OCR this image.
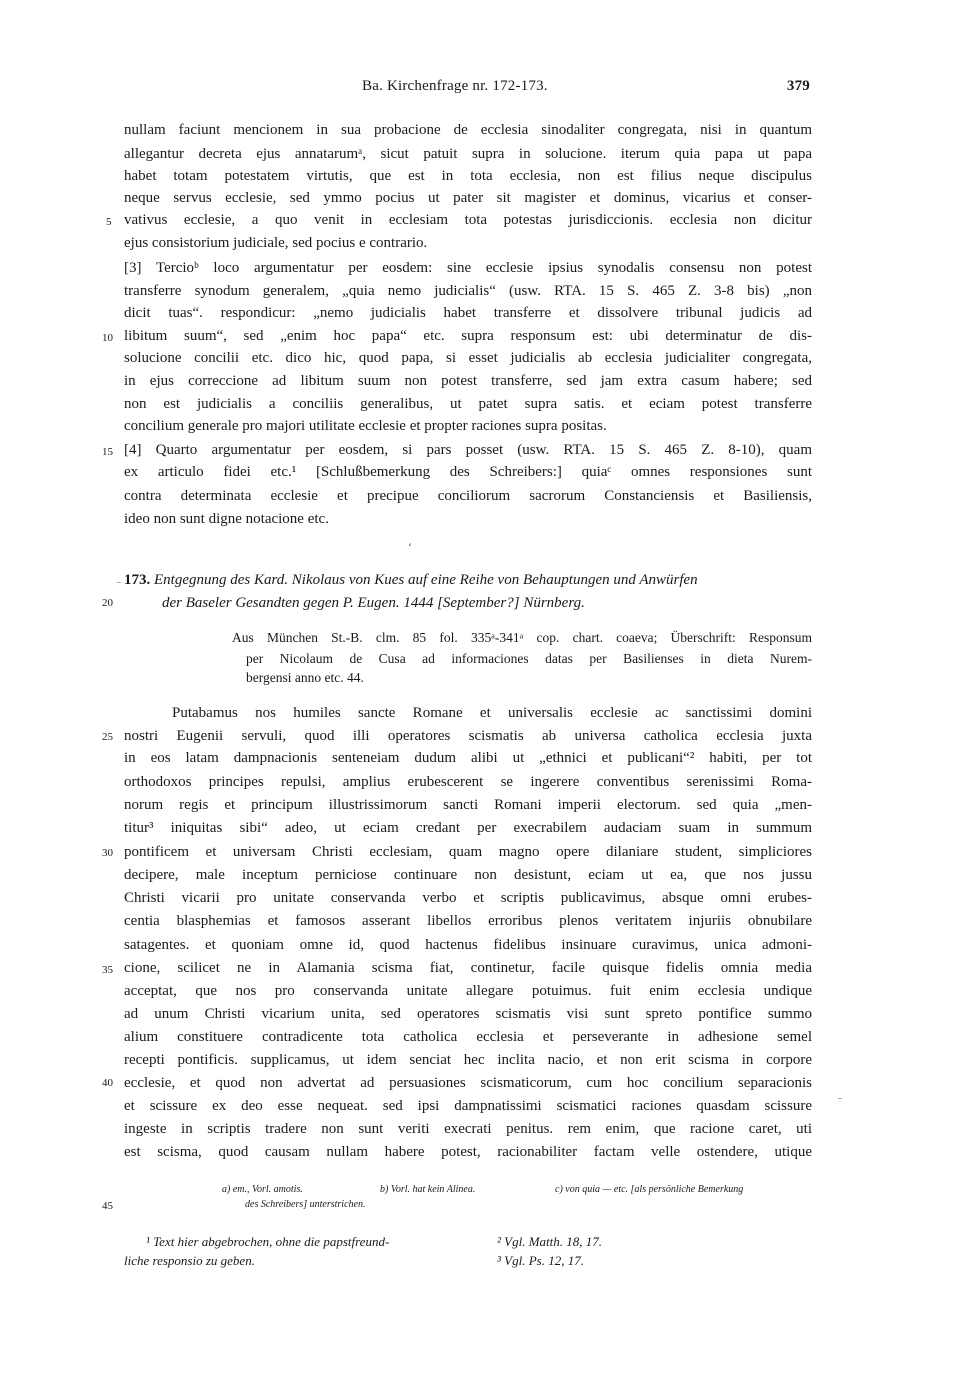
Ba. Kirchenfrage nr. 172-173.	379
nullam faciunt mencionem in sua probacione de ecclesia sinodaliter congregata, nisi in quantum
allegantur decreta ejus annatarumᵃ, sicut patuit supra in solucione. iterum quia papa ut papa
habet totam potestatem virtutis, que est in tota ecclesia, non est filius neque discipulus
neque servus ecclesie, sed ymmo pocius ut pater sit magister et dominus, vicarius et conser-
vativus ecclesie, a quo venit in ecclesiam tota potestas jurisdiccionis. ecclesia non dicitur
ejus consistorium judiciale, sed pocius e contrario.
[3] Tercioᵇ loco argumentatur per eosdem: sine ecclesie ipsius synodalis consensu non potest
transferre synodum generalem, „quia nemo judicialis“ (usw. RTA. 15 S. 465 Z. 3-8 bis) „non
dicit tuas“. respondicur: „nemo judicialis habet transferre et dissolvere tribunal judicis ad
libitum suum“, sed „enim hoc papa“ etc. supra responsum est: ubi determinatur de dis-
solucione concilii etc. dico hic, quod papa, si esset judicialis ab ecclesia judicialiter congregata,
in ejus correccione ad libitum suum non potest transferre, sed jam extra casum habere; sed
non est judicialis a conciliis generalibus, ut patet supra satis. et eciam potest transferre
concilium generale pro majori utilitate ecclesie et propter raciones supra positas.
[4] Quarto argumentatur per eosdem, si pars posset (usw. RTA. 15 S. 465 Z. 8-10), quam
ex articulo fidei etc.¹ [Schlußbemerkung des Schreibers:] quiaᶜ omnes responsiones sunt
contra determinata ecclesie et precipue conciliorum sacrorum Constanciensis et Basiliensis,
ideo non sunt digne notacione etc.
5
10
15
20
25
30
35
40
45
173. Entgegnung des Kard. Nikolaus von Kues auf eine Reihe von Behauptungen und Anwürfen
der Baseler Gesandten gegen P. Eugen. 1444 [September?] Nürnberg.
Aus München St.-B. clm. 85 fol. 335ᵃ-341ᵃ cop. chart. coaeva; Überschrift: Responsum
per Nicolaum de Cusa ad informaciones datas per Basilienses in dieta Nurem-
bergensi anno etc. 44.
Putabamus nos humiles sancte Romane et universalis ecclesie ac sanctissimi domini
nostri Eugenii servuli, quod illi operatores scismatis ab universa catholica ecclesia juxta
in eos latam dampnacionis senteneiam dudum alibi ut „ethnici et publicani“² habiti, per tot
orthodoxos principes repulsi, amplius erubescerent se ingerere conventibus serenissimi Roma-
norum regis et principum illustrissimorum sancti Romani imperii electorum. sed quia „men-
titur³ iniquitas sibi“ adeo, ut eciam credant per execrabilem audaciam suam in summum
pontificem et universam Christi ecclesiam, quam magno opere dilaniare student, simpliciores
decipere, male inceptum perniciose continuare non desistunt, eciam ut ea, que nos jussu
Christi vicarii pro unitate conservanda verbo et scriptis publicavimus, absque omni erubes-
centia blasphemias et famosos asserant libellos erroribus plenos veritatem injuriis obnubilare
satagentes. et quoniam omne id, quod hactenus fidelibus insinuare curavimus, unica admoni-
cione, scilicet ne in Alamania scisma fiat, continetur, facile quisque fidelis omnia media
acceptat, que nos pro conservanda unitate allegare potuimus. fuit enim ecclesia undique
ad unum Christi vicarium unita, sed operatores scismatis visi sunt spreto pontifice summo
alium constituere contradicente tota catholica ecclesia et perseverante in adhesione semel
recepti pontificis. supplicamus, ut idem senciat hec inclita nacio, et non erit scisma in corpore
ecclesie, et quod non advertat ad persuasiones scismaticorum, cum hoc concilium separacionis
et scissure ex deo esse nequeat. sed ipsi dampnatissimi scismatici raciones quasdam scissure
ingeste in scriptis tradere non sunt veriti execrati penitus. rem enim, que racione caret, uti
est scisma, quod causam nullam habere potest, racionabiliter factam velle ostendere, utique
ˉ
‘
ˉ
a) em., Vorl. amotis.	b) Vorl. hat kein Alinea.	c) von quia — etc. [als persönliche Bemerkung
des Schreibers] unterstrichen.
¹ Text hier abgebrochen, ohne die papstfreund-
liche responsio zu geben.
² Vgl. Matth. 18, 17.
³ Vgl. Ps. 12, 17.
